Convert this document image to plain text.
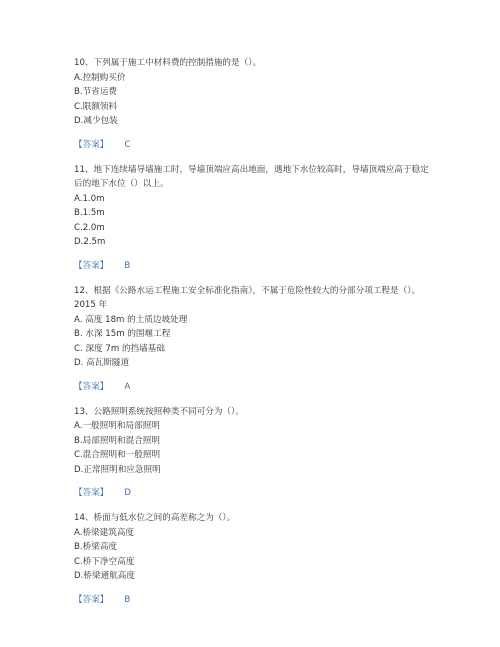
10、下列属于施工中材料费的控制措施的是（）。

A.控制购买价

B.节省运费

C.限额领料

D.减少包装

【答案】 C

11、地下连续墙导墙施工时，导墙顶端应高出地面，遇地下水位较高时，导墙顶端应高于稳定后的地下水位（）以上。

A.1.0m

B.1.5m

C.2.0m

D.2.5m

【答案】 B

12、根据《公路水运工程施工安全标准化指南》，不属于危险性较大的分部分项工程是（）。2015 年

A. 高度 18m 的土质边坡处理

B. 水深 15m 的围堰工程

C. 深度 7m 的挡墙基础

D. 高瓦斯隧道

【答案】 A

13、公路照明系统按照种类不同可分为（）。

A.一般照明和局部照明

B.局部照明和混合照明

C.混合照明和一般照明

D.正常照明和应急照明

【答案】 D

14、桥面与低水位之间的高差称之为（）。

A.桥梁建筑高度

B.桥梁高度

C.桥下净空高度

D.桥梁通航高度

【答案】 B
